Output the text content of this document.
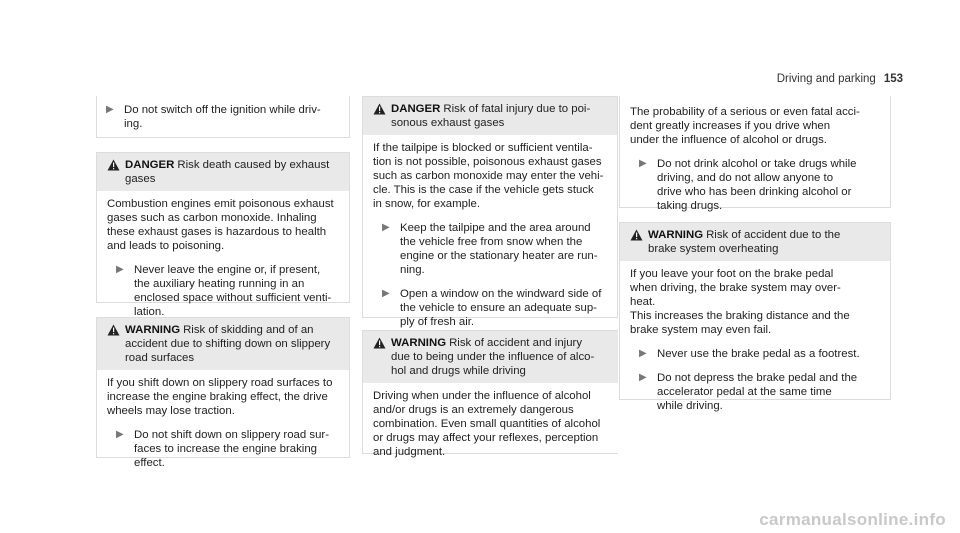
Driving and parking 153
▶ Do not switch off the ignition while driv-
ing.
DANGER Risk death caused by exhaust
gases

Combustion engines emit poisonous exhaust
gases such as carbon monoxide. Inhaling
these exhaust gases is hazardous to health
and leads to poisoning.

▶ Never leave the engine or, if present,
the auxiliary heating running in an
enclosed space without sufficient venti-
lation.
WARNING Risk of skidding and of an
accident due to shifting down on slippery
road surfaces

If you shift down on slippery road surfaces to
increase the engine braking effect, the drive
wheels may lose traction.

▶ Do not shift down on slippery road sur-
faces to increase the engine braking
effect.
DANGER Risk of fatal injury due to poi-
sonous exhaust gases

If the tailpipe is blocked or sufficient ventila-
tion is not possible, poisonous exhaust gases
such as carbon monoxide may enter the vehi-
cle. This is the case if the vehicle gets stuck
in snow, for example.

▶ Keep the tailpipe and the area around
the vehicle free from snow when the
engine or the stationary heater are run-
ning.
▶ Open a window on the windward side of
the vehicle to ensure an adequate sup-
ply of fresh air.
WARNING Risk of accident and injury
due to being under the influence of alco-
hol and drugs while driving

Driving when under the influence of alcohol
and/or drugs is an extremely dangerous
combination. Even small quantities of alcohol
or drugs may affect your reflexes, perception
and judgment.

The probability of a serious or even fatal acci-
dent greatly increases if you drive when
under the influence of alcohol or drugs.

▶ Do not drink alcohol or take drugs while
driving, and do not allow anyone to
drive who has been drinking alcohol or
taking drugs.
WARNING Risk of accident due to the
brake system overheating

If you leave your foot on the brake pedal
when driving, the brake system may over-
heat.

This increases the braking distance and the
brake system may even fail.

▶ Never use the brake pedal as a footrest.
▶ Do not depress the brake pedal and the
accelerator pedal at the same time
while driving.
carmanualsonline.info
